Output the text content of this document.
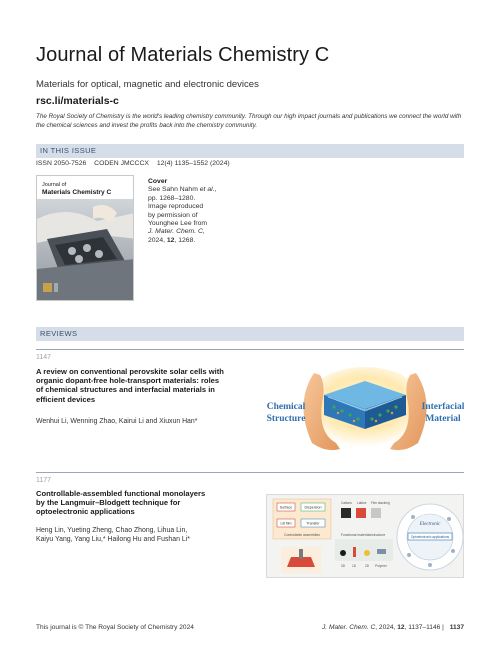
Journal of Materials Chemistry C
Materials for optical, magnetic and electronic devices
rsc.li/materials-c
The Royal Society of Chemistry is the world's leading chemistry community. Through our high impact journals and publications we connect the world with the chemical sciences and invest the profits back into the chemistry community.
IN THIS ISSUE
ISSN 2050-7526 CODEN JMCCCX 12(4) 1135–1552 (2024)
Journal of
Materials Chemistry C
Cover
See Sahn Nahm et al.,
pp. 1268–1280.
Image reproduced
by permission of
Younghee Lee from
J. Mater. Chem. C,
2024, 12, 1268.
REVIEWS
1147
A review on conventional perovskite solar cells with
organic dopant-free hole-transport materials: roles
of chemical structures and interfacial materials in
efficient devices
Wenhui Li, Wenning Zhao, Kairui Li and Xiuxun Han*
Chemical
Structure
Interfacial
Material
1177
Controllable-assembled functional monolayers
by the Langmuir–Blodgett technique for
optoelectronic applications
Heng Lin, Yueting Zheng, Chao Zhong, Lihua Lin,
Kaiyu Yang, Yang Liu,* Hailong Hu and Fushan Li*
Surface	Dispersion
LB film	Transfer
Controllable assemblies
Cations Lattice Film stacking
Functional materials/structure
0D 1D	2D Polymer
Electronic
Optoelectronic applications
This journal is © The Royal Society of Chemistry 2024	J. Mater. Chem. C, 2024, 12, 1137–1146 | 1137
